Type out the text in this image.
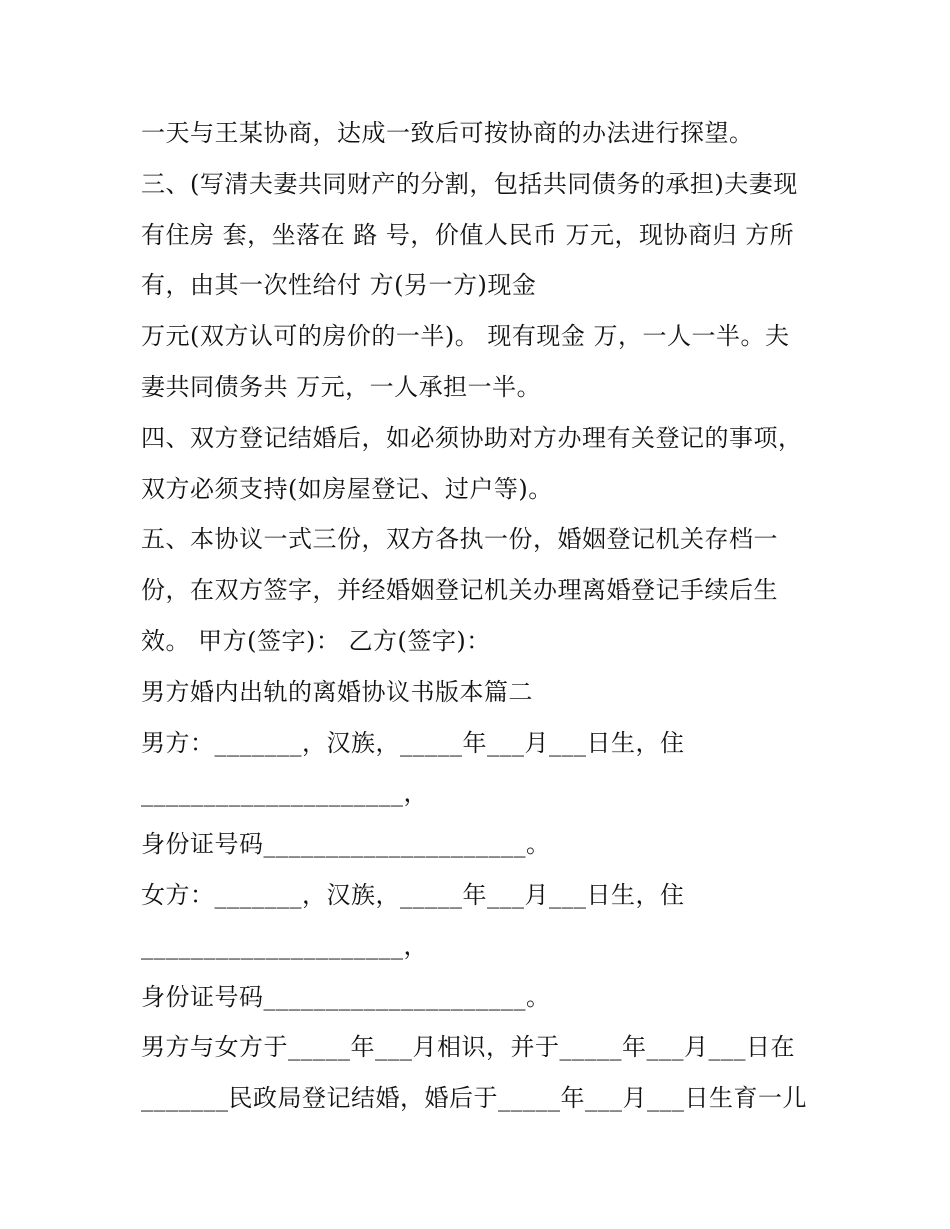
一天与王某协商，达成一致后可按协商的办法进行探望。
三、(写清夫妻共同财产的分割，包括共同债务的承担)夫妻现
有住房 套，坐落在 路 号，价值人民币 万元，现协商归 方所
有，由其一次性给付 方(另一方)现金
万元(双方认可的房价的一半)。 现有现金 万，一人一半。夫
妻共同债务共 万元，一人承担一半。
四、双方登记结婚后，如必须协助对方办理有关登记的事项，
双方必须支持(如房屋登记、过户等)。
五、本协议一式三份，双方各执一份，婚姻登记机关存档一
份，在双方签字，并经婚姻登记机关办理离婚登记手续后生
效。 甲方(签字)： 乙方(签字)：
男方婚内出轨的离婚协议书版本篇二
男方：_______，汉族，_____年___月___日生，住
_____________________，
身份证号码_____________________。
女方：_______，汉族，_____年___月___日生，住
_____________________，
身份证号码_____________________。
男方与女方于_____年___月相识，并于_____年___月___日在
_______民政局登记结婚，婚后于_____年___月___日生育一儿
